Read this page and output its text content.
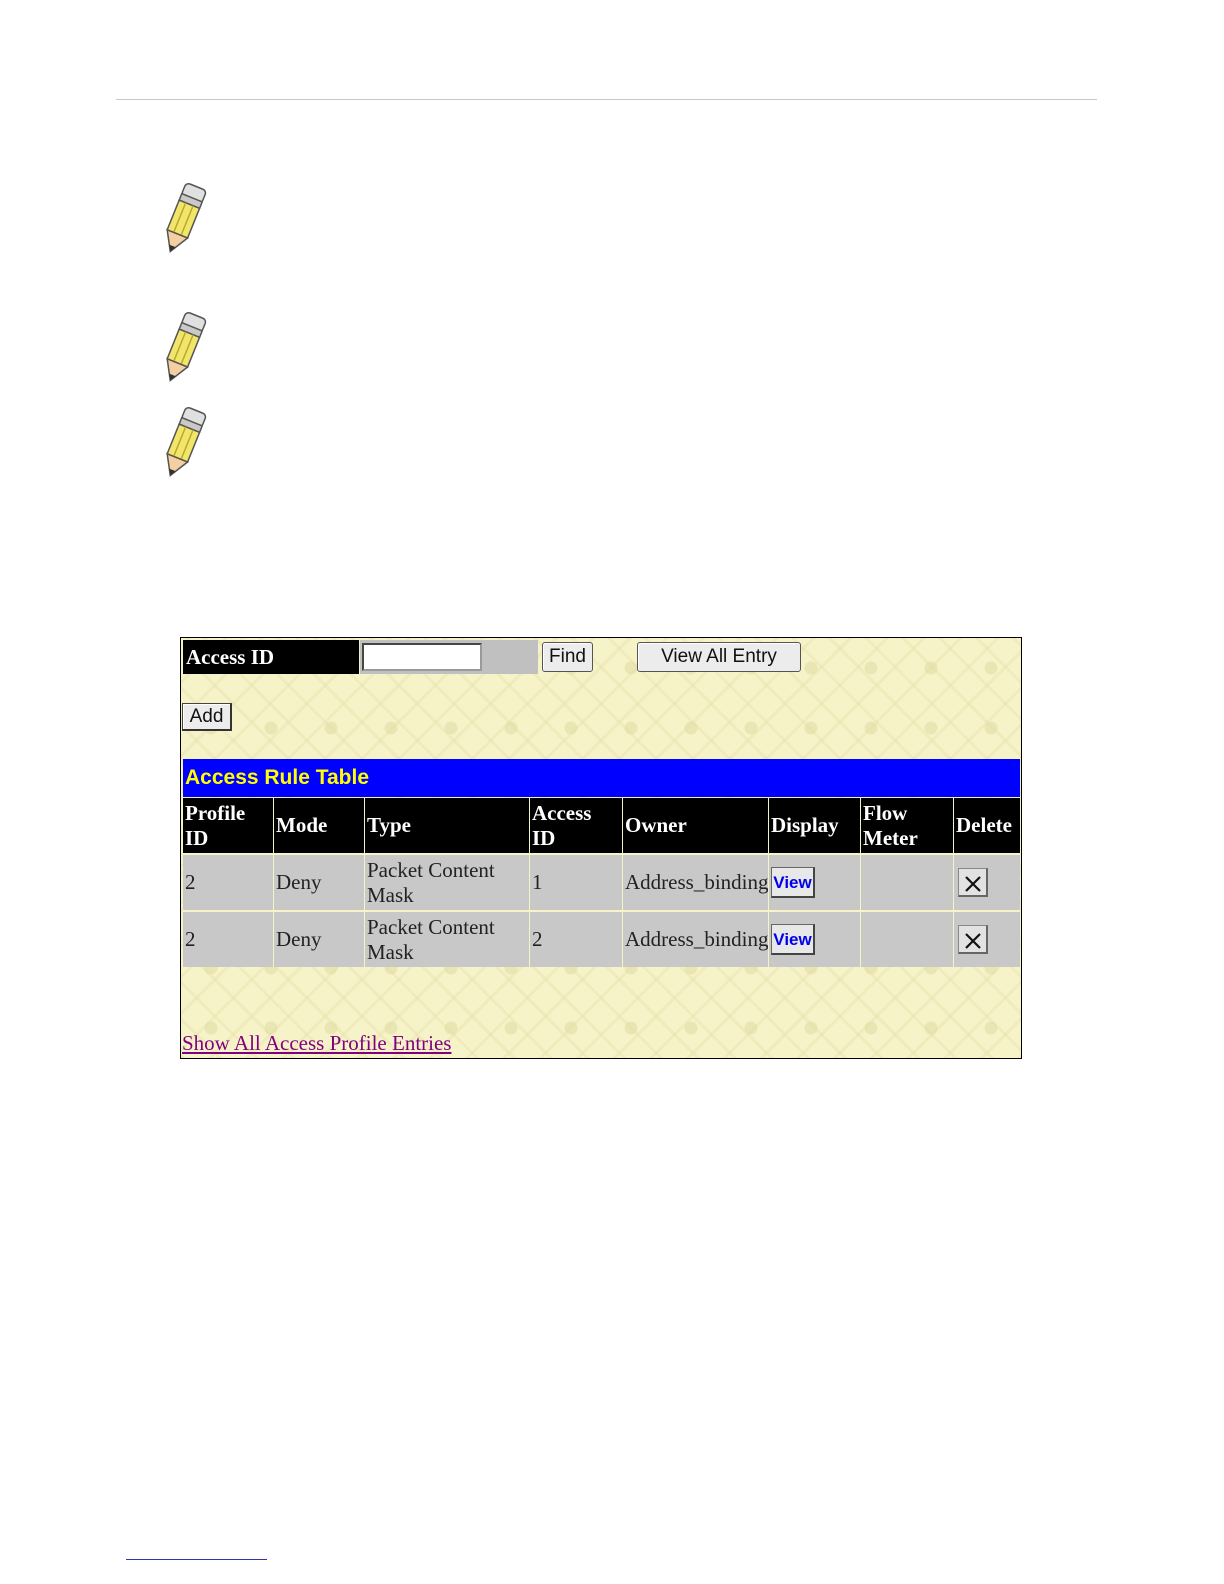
Access ID	Find	View All Entry
Add
Access Rule Table
Profile ID	Mode	Type	Access ID	Owner	Display	Flow Meter	Delete
2	Deny	Packet Content Mask	1	Address_binding	View		
2	Deny	Packet Content Mask	2	Address_binding	View		
Show All Access Profile Entries
